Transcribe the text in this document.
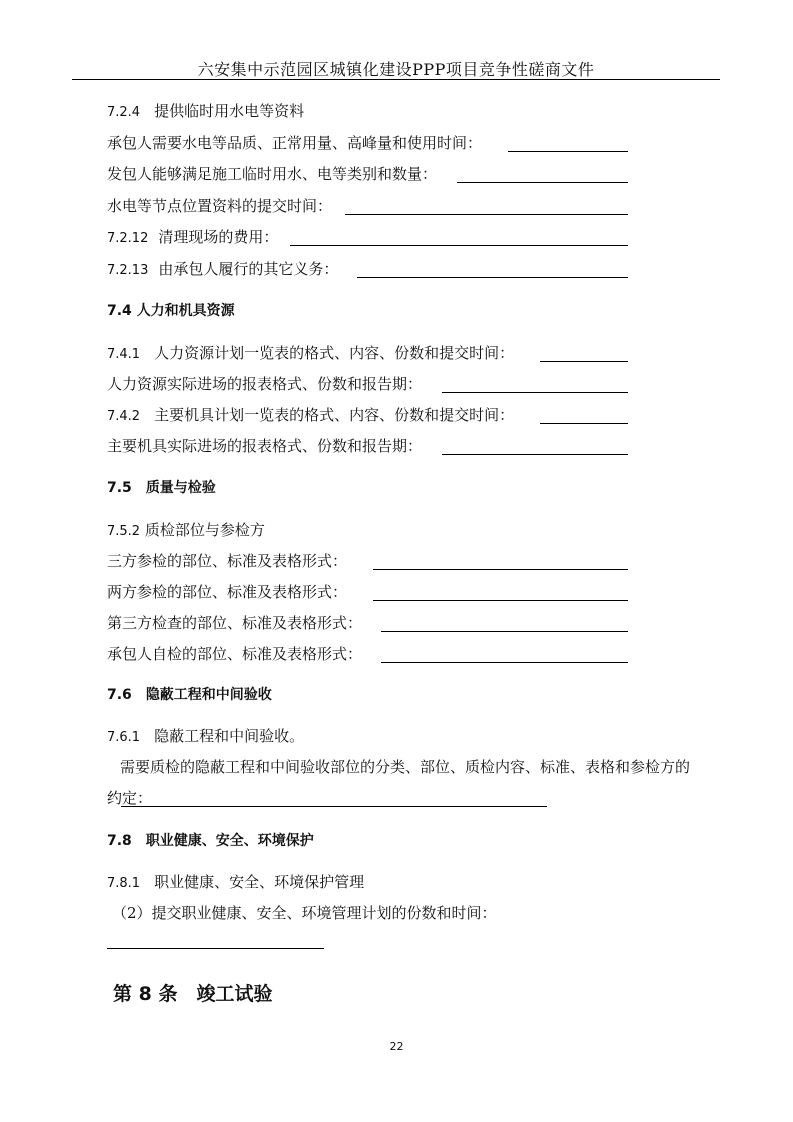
六安集中示范园区城镇化建设PPP项目竞争性磋商文件
7.2.4 提供临时用水电等资料
承包人需要水电等品质、正常用量、高峰量和使用时间：
发包人能够满足施工临时用水、电等类别和数量：
水电等节点位置资料的提交时间：
7.2.12 清理现场的费用：
7.2.13 由承包人履行的其它义务：
7.4 人力和机具资源
7.4.1 人力资源计划一览表的格式、内容、份数和提交时间：
人力资源实际进场的报表格式、份数和报告期：
7.4.2 主要机具计划一览表的格式、内容、份数和提交时间：
主要机具实际进场的报表格式、份数和报告期：
7.5 质量与检验
7.5.2 质检部位与参检方
三方参检的部位、标准及表格形式：
两方参检的部位、标准及表格形式：
第三方检查的部位、标准及表格形式：
承包人自检的部位、标准及表格形式：
7.6 隐蔽工程和中间验收
7.6.1 隐蔽工程和中间验收。
需要质检的隐蔽工程和中间验收部位的分类、部位、质检内容、标准、表格和参检方的
约定：
7.8 职业健康、安全、环境保护
7.8.1 职业健康、安全、环境保护管理
（2）提交职业健康、安全、环境管理计划的份数和时间：
第 8 条　竣工试验
22
